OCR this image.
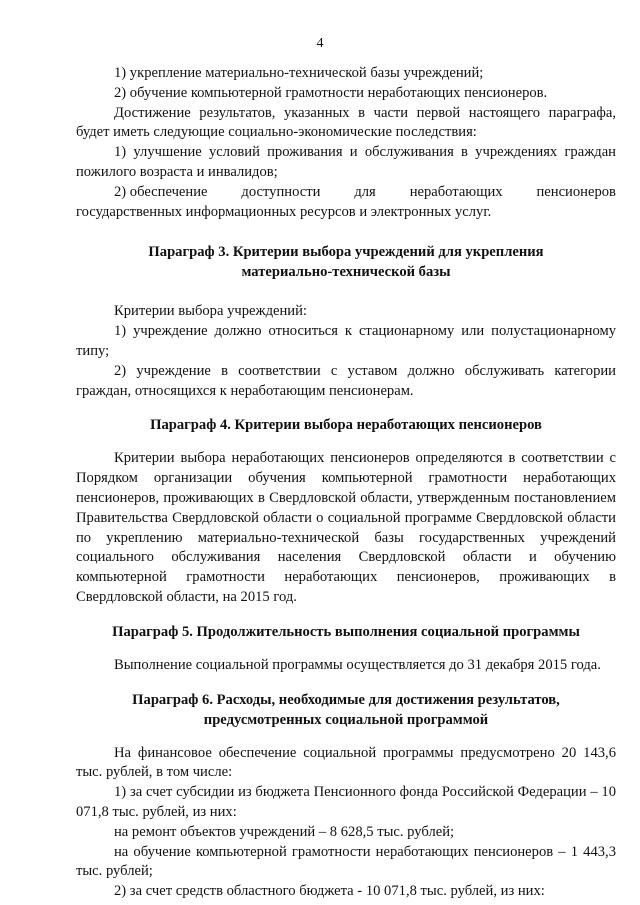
4

1) укрепление материально-технической базы учреждений;

2) обучение компьютерной грамотности неработающих пенсионеров.

Достижение результатов, указанных в части первой настоящего параграфа, будет иметь следующие социально-экономические последствия:

1) улучшение условий проживания и обслуживания в учреждениях граждан пожилого возраста и инвалидов;

2) обеспечение доступности для неработающих пенсионеров

государственных информационных ресурсов и электронных услуг.

Параграф 3. Критерии выбора учреждений для укрепления

материально-технической базы

Критерии выбора учреждений:

1) учреждение должно относиться к стационарному или полустационарному типу;

2) учреждение в соответствии с уставом должно обслуживать категории граждан, относящихся к неработающим пенсионерам.

Параграф 4. Критерии выбора неработающих пенсионеров

Критерии выбора неработающих пенсионеров определяются в соответствии с Порядком организации обучения компьютерной грамотности неработающих пенсионеров, проживающих в Свердловской области, утвержденным постановлением Правительства Свердловской области о социальной программе Свердловской области по укреплению материально-технической базы государственных учреждений социального обслуживания населения Свердловской области и обучению компьютерной грамотности неработающих пенсионеров, проживающих в Свердловской области, на 2015 год.

Параграф 5. Продолжительность выполнения социальной программы

Выполнение социальной программы осуществляется до 31 декабря 2015 года.

Параграф 6. Расходы, необходимые для достижения результатов,

предусмотренных социальной программой

На финансовое обеспечение социальной программы предусмотрено 20 143,6 тыс. рублей, в том числе:

1) за счет субсидии из бюджета Пенсионного фонда Российской Федерации – 10 071,8 тыс. рублей, из них:

на ремонт объектов учреждений – 8 628,5 тыс. рублей;

на обучение компьютерной грамотности неработающих пенсионеров – 1 443,3 тыс. рублей;

2) за счет средств областного бюджета - 10 071,8 тыс. рублей, из них:
